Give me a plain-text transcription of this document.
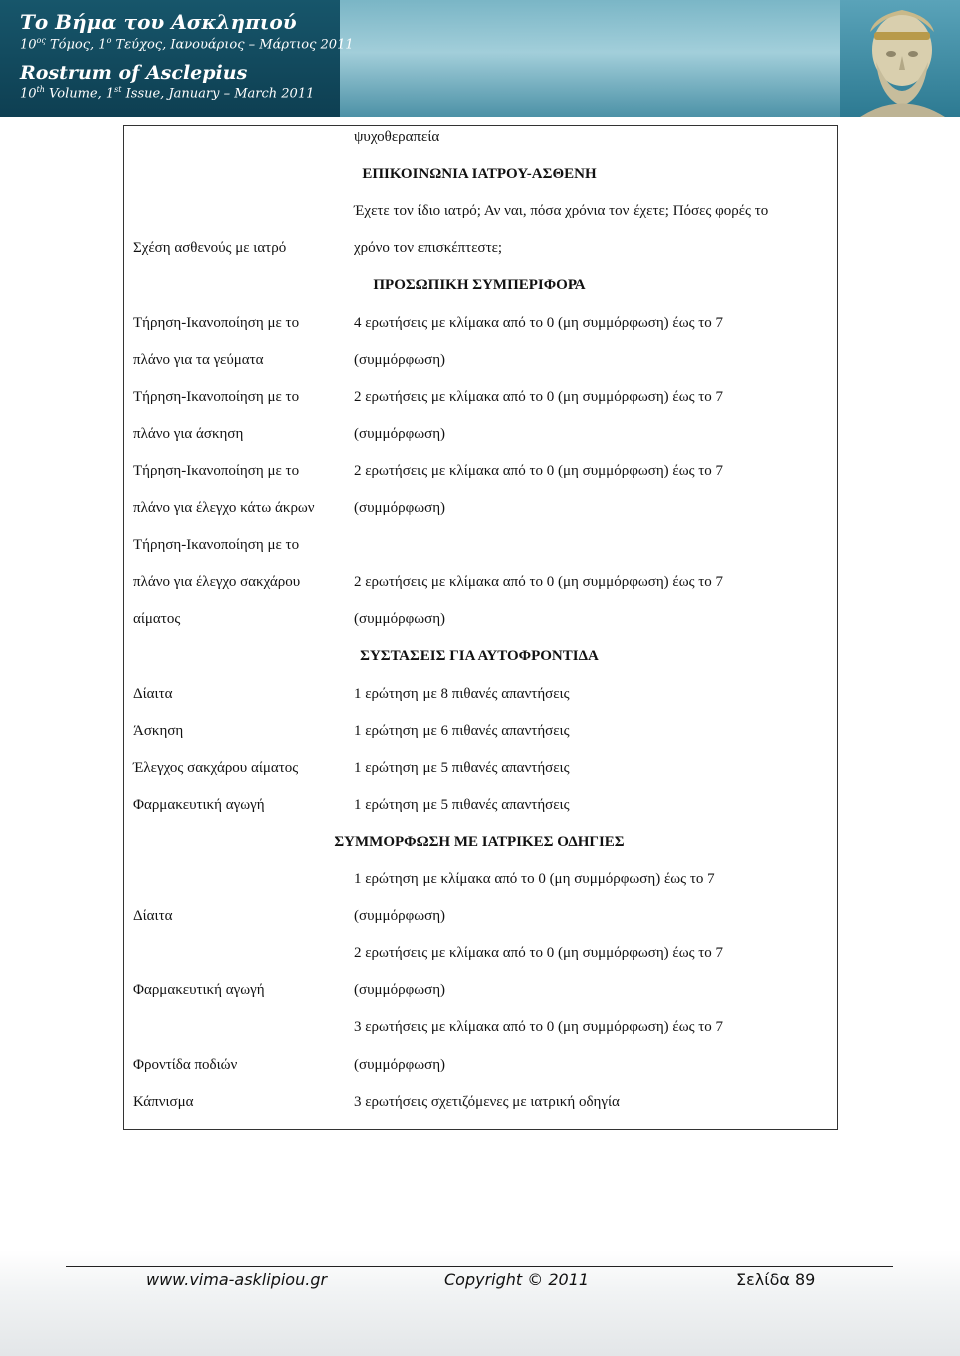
Το Βήμα του Ασκληπιού
$10^{o\varsigma}$ Τόμος, $1^o$ Τεύχος, Ιανουάριος – Μάρτιος 2011
Rostrum of Asclepius
10th Volume, 1st Issue, January – March 2011
ψυχοθεραπεία
ΕΠΙΚΟΙΝΩΝΙΑ ΙΑΤΡΟΥ-ΑΣΘΕΝΗ
Έχετε τον ίδιο ιατρό; Αν ναι, πόσα χρόνια τον έχετε; Πόσες φορές το
Σχέση ασθενούς με ιατρό	χρόνο τον επισκέπτεστε;
ΠΡΟΣΩΠΙΚΗ ΣΥΜΠΕΡΙΦΟΡΑ
Τήρηση-Ικανοποίηση με το	4 ερωτήσεις με κλίμακα από το 0 (μη συμμόρφωση) έως το 7
πλάνο για τα γεύματα	(συμμόρφωση)
Τήρηση-Ικανοποίηση με το	2 ερωτήσεις με κλίμακα από το 0 (μη συμμόρφωση) έως το 7
πλάνο για άσκηση	(συμμόρφωση)
Τήρηση-Ικανοποίηση με το	2 ερωτήσεις με κλίμακα από το 0 (μη συμμόρφωση) έως το 7
πλάνο για έλεγχο κάτω άκρων	(συμμόρφωση)
Τήρηση-Ικανοποίηση με το
πλάνο για έλεγχο σακχάρου	2 ερωτήσεις με κλίμακα από το 0 (μη συμμόρφωση) έως το 7
αίματος	(συμμόρφωση)
ΣΥΣΤΑΣΕΙΣ ΓΙΑ ΑΥΤΟΦΡΟΝΤΙΔΑ
Δίαιτα	1 ερώτηση με 8 πιθανές απαντήσεις
Άσκηση	1 ερώτηση με 6 πιθανές απαντήσεις
Έλεγχος σακχάρου αίματος	1 ερώτηση με 5 πιθανές απαντήσεις
Φαρμακευτική αγωγή	1 ερώτηση με 5 πιθανές απαντήσεις
ΣΥΜΜΟΡΦΩΣΗ ΜΕ ΙΑΤΡΙΚΕΣ ΟΔΗΓΙΕΣ
1 ερώτηση με κλίμακα από το 0 (μη συμμόρφωση) έως το 7
Δίαιτα	(συμμόρφωση)
2 ερωτήσεις με κλίμακα από το 0 (μη συμμόρφωση) έως το 7
Φαρμακευτική αγωγή	(συμμόρφωση)
3 ερωτήσεις με κλίμακα από το 0 (μη συμμόρφωση) έως το 7
Φροντίδα ποδιών	(συμμόρφωση)
Κάπνισμα	3 ερωτήσεις σχετιζόμενες με ιατρική οδηγία
www.vima-asklipiou.gr	Copyright © 2011	Σελίδα 89
